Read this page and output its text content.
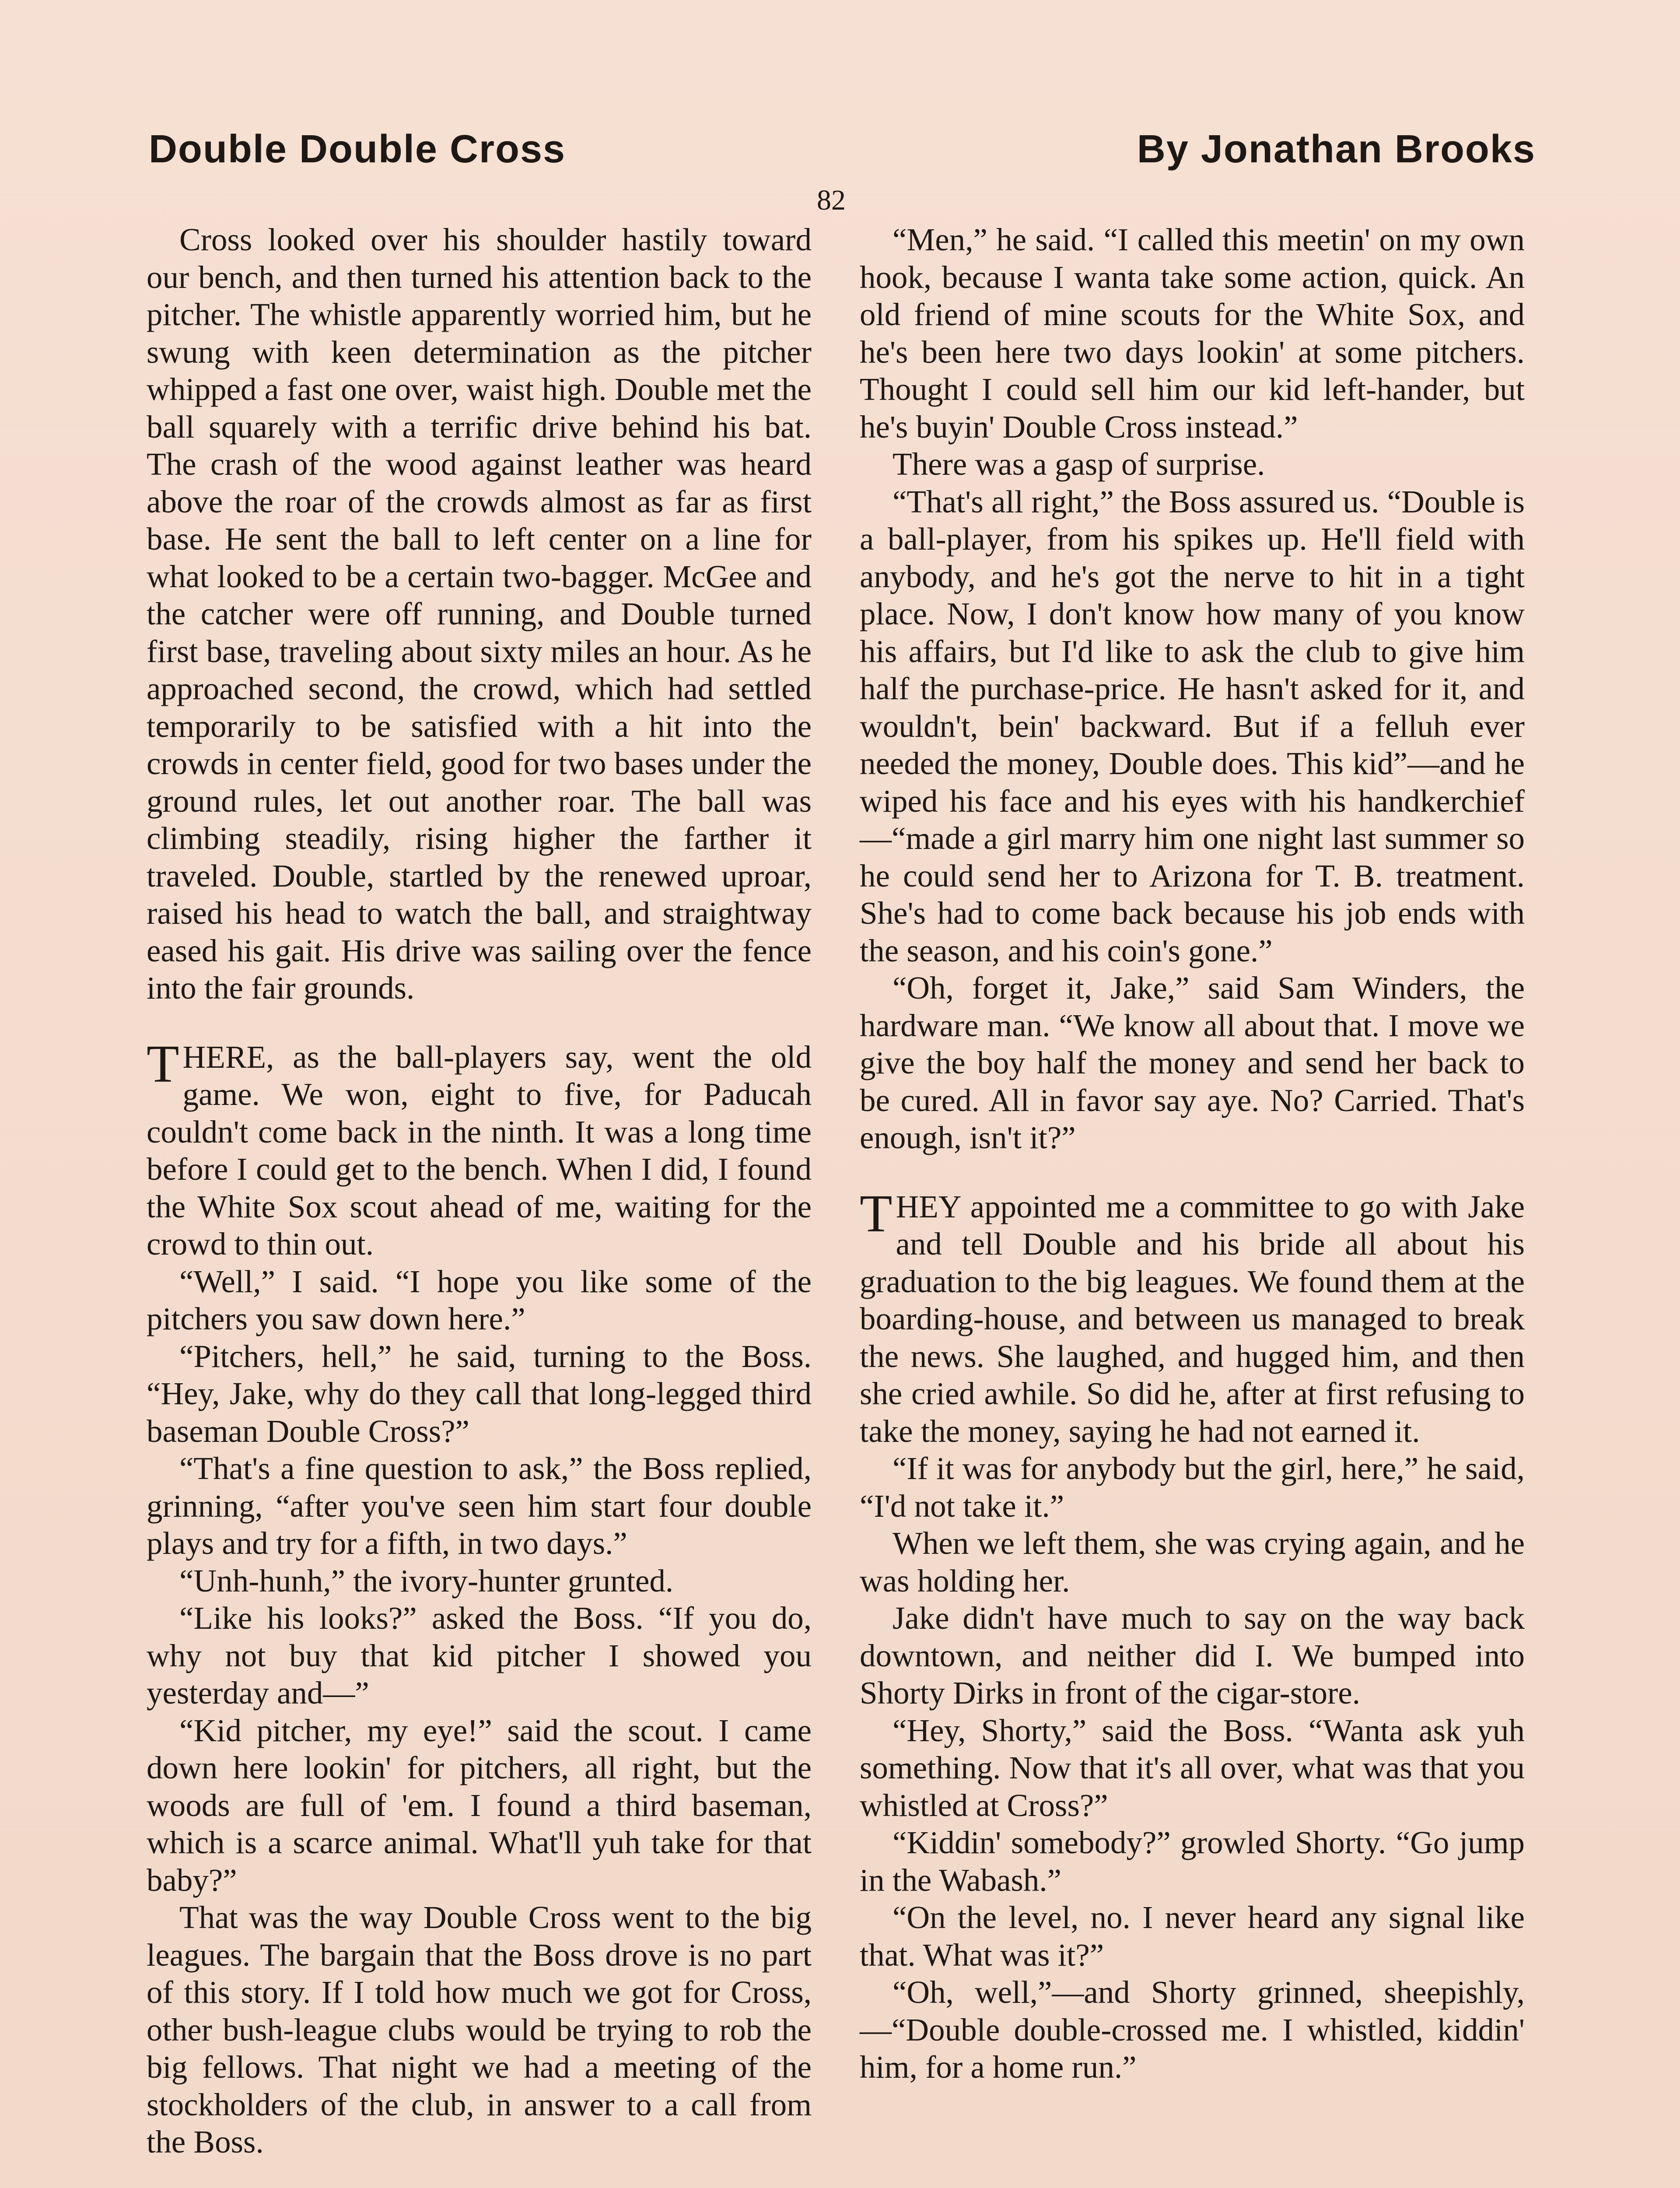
Double Double Cross	By Jonathan Brooks
82

Cross looked over his shoulder hastily toward our bench, and then turned his attention back to the pitcher. The whistle apparently worried him, but he swung with keen determination as the pitcher whipped a fast one over, waist high. Double met the ball squarely with a terrific drive behind his bat. The crash of the wood against leather was heard above the roar of the crowds almost as far as first base. He sent the ball to left center on a line for what looked to be a certain two-bagger. McGee and the catcher were off running, and Double turned first base, traveling about sixty miles an hour. As he approached second, the crowd, which had settled temporarily to be satisfied with a hit into the crowds in center field, good for two bases under the ground rules, let out another roar. The ball was climbing steadily, rising higher the farther it traveled. Double, startled by the renewed uproar, raised his head to watch the ball, and straightway eased his gait. His drive was sailing over the fence into the fair grounds.

THERE, as the ball-players say, went the old game. We won, eight to five, for Paducah couldn't come back in the ninth. It was a long time before I could get to the bench. When I did, I found the White Sox scout ahead of me, waiting for the crowd to thin out.

“Well,” I said. “I hope you like some of the pitchers you saw down here.”

“Pitchers, hell,” he said, turning to the Boss. “Hey, Jake, why do they call that long-legged third baseman Double Cross?”

“That's a fine question to ask,” the Boss replied, grinning, “after you've seen him start four double plays and try for a fifth, in two days.”

“Unh-hunh,” the ivory-hunter grunted.

“Like his looks?” asked the Boss. “If you do, why not buy that kid pitcher I showed you yesterday and—”

“Kid pitcher, my eye!” said the scout. I came down here lookin' for pitchers, all right, but the woods are full of 'em. I found a third baseman, which is a scarce animal. What'll yuh take for that baby?”

That was the way Double Cross went to the big leagues. The bargain that the Boss drove is no part of this story. If I told how much we got for Cross, other bush-league clubs would be trying to rob the big fellows. That night we had a meeting of the stockholders of the club, in answer to a call from the Boss.

“Men,” he said. “I called this meetin' on my own hook, because I wanta take some action, quick. An old friend of mine scouts for the White Sox, and he's been here two days lookin' at some pitchers. Thought I could sell him our kid left-hander, but he's buyin' Double Cross instead.”

There was a gasp of surprise.

“That's all right,” the Boss assured us. “Double is a ball-player, from his spikes up. He'll field with anybody, and he's got the nerve to hit in a tight place. Now, I don't know how many of you know his affairs, but I'd like to ask the club to give him half the purchase-price. He hasn't asked for it, and wouldn't, bein' backward. But if a felluh ever needed the money, Double does. This kid”—and he wiped his face and his eyes with his handkerchief—“made a girl marry him one night last summer so he could send her to Arizona for T. B. treatment. She's had to come back because his job ends with the season, and his coin's gone.”

“Oh, forget it, Jake,” said Sam Winders, the hardware man. “We know all about that. I move we give the boy half the money and send her back to be cured. All in favor say aye. No? Carried. That's enough, isn't it?”

THEY appointed me a committee to go with Jake and tell Double and his bride all about his graduation to the big leagues. We found them at the boarding-house, and between us managed to break the news. She laughed, and hugged him, and then she cried awhile. So did he, after at first refusing to take the money, saying he had not earned it.

“If it was for anybody but the girl, here,” he said, “I'd not take it.”

When we left them, she was crying again, and he was holding her.

Jake didn't have much to say on the way back downtown, and neither did I. We bumped into Shorty Dirks in front of the cigar-store.

“Hey, Shorty,” said the Boss. “Wanta ask yuh something. Now that it's all over, what was that you whistled at Cross?”

“Kiddin' somebody?” growled Shorty. “Go jump in the Wabash.”

“On the level, no. I never heard any signal like that. What was it?”

“Oh, well,”—and Shorty grinned, sheepishly,—“Double double-crossed me. I whistled, kiddin' him, for a home run.”
